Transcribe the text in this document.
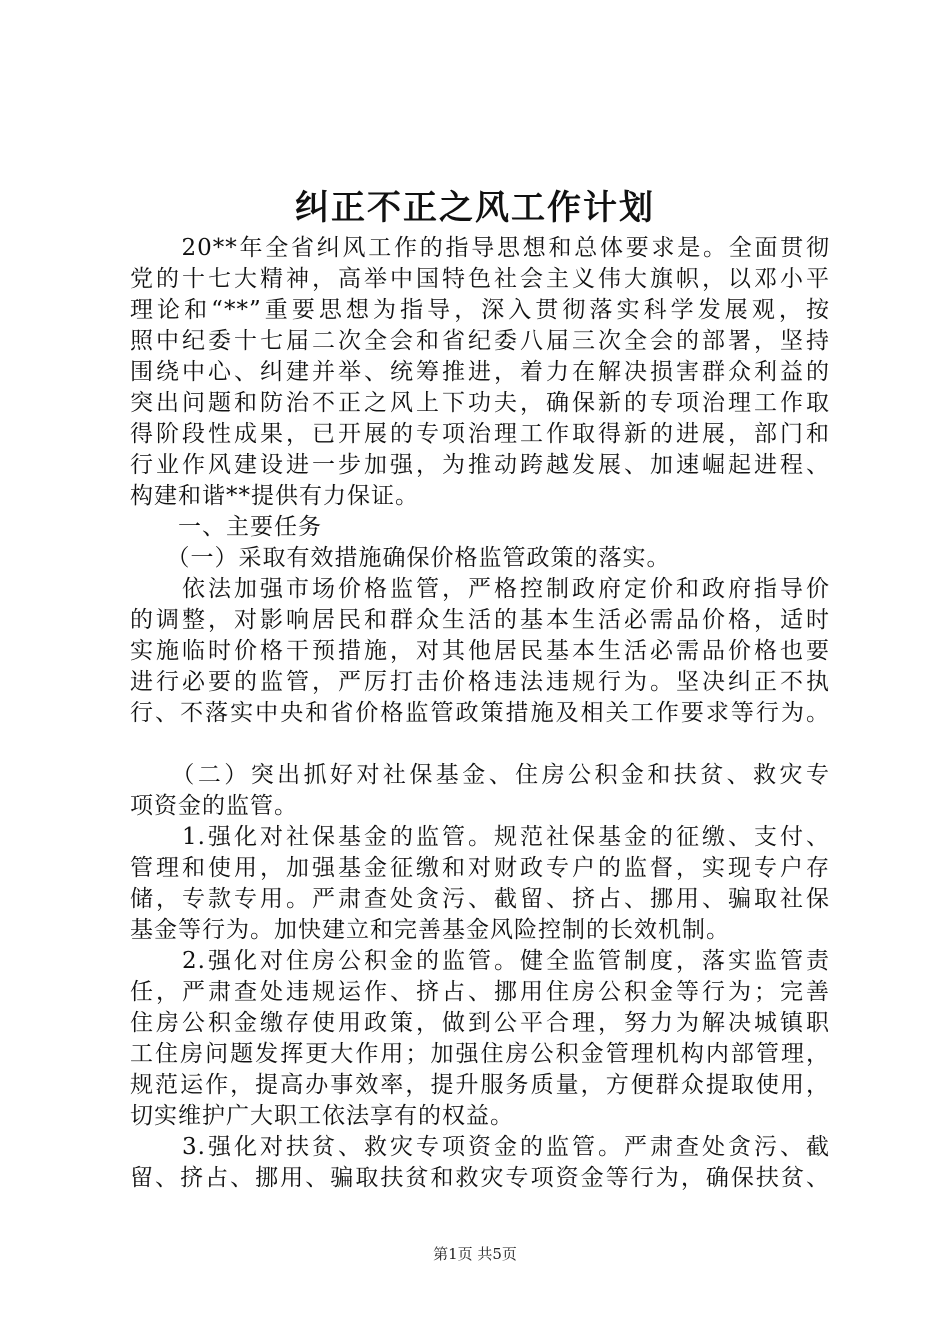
纠正不正之风工作计划
　　20**年全省纠风工作的指导思想和总体要求是。全面贯彻
党的十七大精神，高举中国特色社会主义伟大旗帜，以邓小平
理论和“**”重要思想为指导，深入贯彻落实科学发展观，按
照中纪委十七届二次全会和省纪委八届三次全会的部署，坚持
围绕中心、纠建并举、统筹推进，着力在解决损害群众利益的
突出问题和防治不正之风上下功夫，确保新的专项治理工作取
得阶段性成果，已开展的专项治理工作取得新的进展，部门和
行业作风建设进一步加强，为推动跨越发展、加速崛起进程、
构建和谐**提供有力保证。
　　一、主要任务
　　（一）采取有效措施确保价格监管政策的落实。
　　依法加强市场价格监管，严格控制政府定价和政府指导价
的调整，对影响居民和群众生活的基本生活必需品价格，适时
实施临时价格干预措施，对其他居民基本生活必需品价格也要
进行必要的监管，严厉打击价格违法违规行为。坚决纠正不执
行、不落实中央和省价格监管政策措施及相关工作要求等行为。
　　（二）突出抓好对社保基金、住房公积金和扶贫、救灾专
项资金的监管。
　　1.强化对社保基金的监管。规范社保基金的征缴、支付、
管理和使用，加强基金征缴和对财政专户的监督，实现专户存
储，专款专用。严肃查处贪污、截留、挤占、挪用、骗取社保
基金等行为。加快建立和完善基金风险控制的长效机制。
　　2.强化对住房公积金的监管。健全监管制度，落实监管责
任，严肃查处违规运作、挤占、挪用住房公积金等行为；完善
住房公积金缴存使用政策，做到公平合理，努力为解决城镇职
工住房问题发挥更大作用；加强住房公积金管理机构内部管理，
规范运作，提高办事效率，提升服务质量，方便群众提取使用，
切实维护广大职工依法享有的权益。
　　3.强化对扶贫、救灾专项资金的监管。严肃查处贪污、截
留、挤占、挪用、骗取扶贫和救灾专项资金等行为，确保扶贫、
第1页 共5页
